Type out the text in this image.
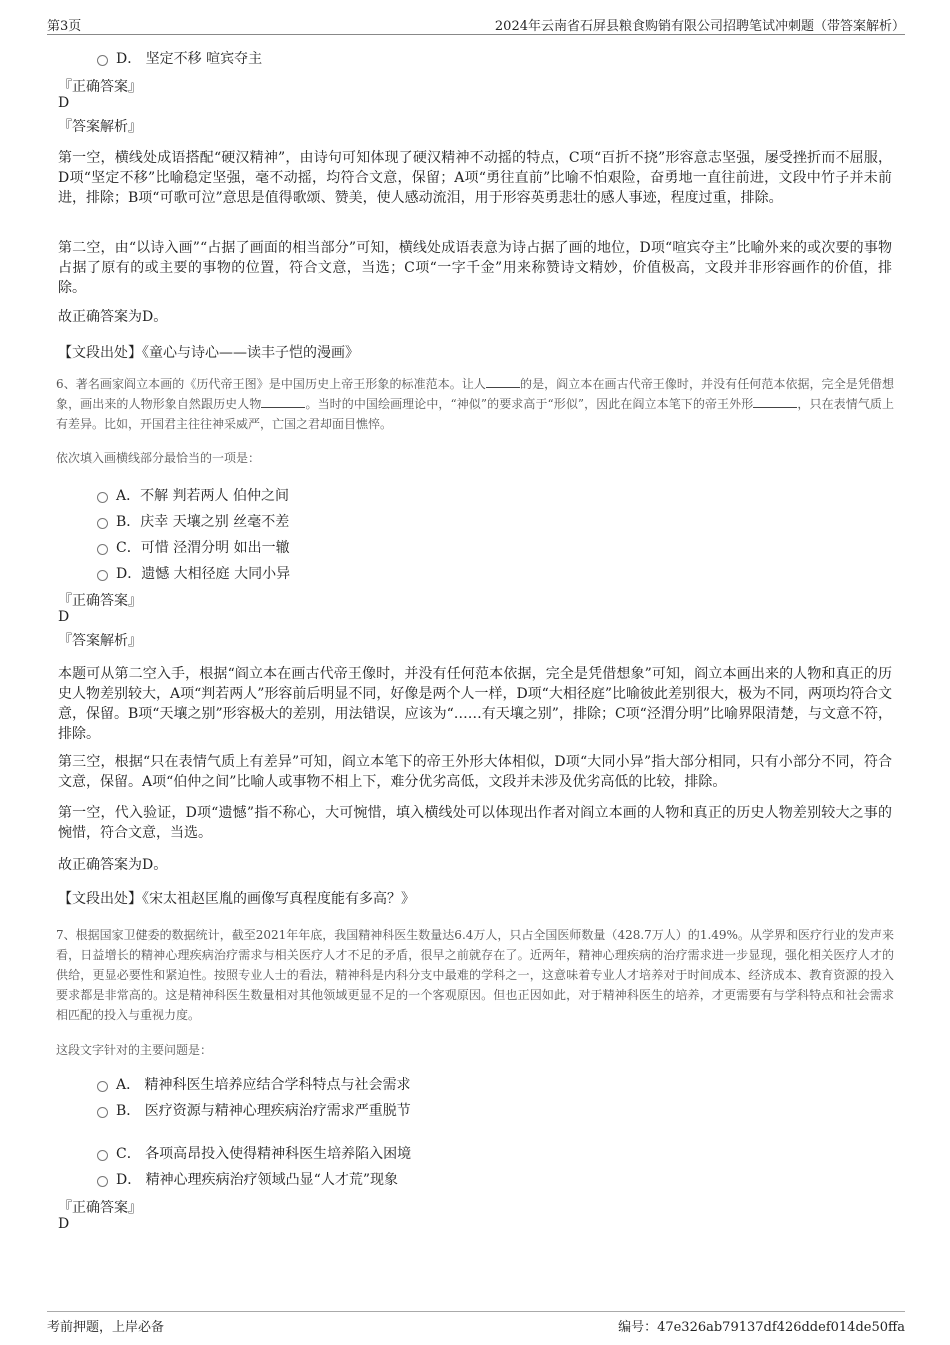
第3页	2024年云南省石屏县粮食购销有限公司招聘笔试冲刺题（带答案解析）
D． 坚定不移 喧宾夺主
『正确答案』
D
『答案解析』
第一空，横线处成语搭配“硬汉精神”，由诗句可知体现了硬汉精神不动摇的特点，C项“百折不挠”形容意志坚强，屡受挫折而不屈服，D项“坚定不移”比喻稳定坚强，毫不动摇，均符合文意，保留；A项“勇往直前”比喻不怕艰险，奋勇地一直往前进，文段中竹子并未前进，排除；B项“可歌可泣”意思是值得歌颂、赞美，使人感动流泪，用于形容英勇悲壮的感人事迹，程度过重，排除。
第二空，由“以诗入画”“占据了画面的相当部分”可知，横线处成语表意为诗占据了画的地位，D项“喧宾夺主”比喻外来的或次要的事物占据了原有的或主要的事物的位置，符合文意，当选；C项“一字千金”用来称赞诗文精妙，价值极高，文段并非形容画作的价值，排除。
故正确答案为D。
【文段出处】《童心与诗心——读丰子恺的漫画》
6、著名画家阎立本画的《历代帝王图》是中国历史上帝王形象的标准范本。让人	的是，阎立本在画古代帝王像时，并没有任何范本依据，完全是凭借想象，画出来的人物形象自然跟历史人物	。当时的中国绘画理论中，“神似”的要求高于“形似”，因此在阎立本笔下的帝王外形	，只在表情气质上有差异。比如，开国君主往往神采威严，亡国之君却面目憔悴。
依次填入画横线部分最恰当的一项是：
A．不解 判若两人 伯仲之间
B．庆幸 天壤之别 丝毫不差
C．可惜 泾渭分明 如出一辙
D．遗憾 大相径庭 大同小异
『正确答案』
D
『答案解析』
本题可从第二空入手，根据“阎立本在画古代帝王像时，并没有任何范本依据，完全是凭借想象”可知，阎立本画出来的人物和真正的历史人物差别较大，A项“判若两人”形容前后明显不同，好像是两个人一样，D项“大相径庭”比喻彼此差别很大，极为不同，两项均符合文意，保留。B项“天壤之别”形容极大的差别，用法错误，应该为“……有天壤之别”，排除；C项“泾渭分明”比喻界限清楚，与文意不符，排除。
第三空，根据“只在表情气质上有差异”可知，阎立本笔下的帝王外形大体相似，D项“大同小异”指大部分相同，只有小部分不同，符合文意，保留。A项“伯仲之间”比喻人或事物不相上下，难分优劣高低，文段并未涉及优劣高低的比较，排除。
第一空，代入验证，D项“遗憾”指不称心，大可惋惜，填入横线处可以体现出作者对阎立本画的人物和真正的历史人物差别较大之事的惋惜，符合文意，当选。
故正确答案为D。
【文段出处】《宋太祖赵匡胤的画像写真程度能有多高？》
7、根据国家卫健委的数据统计，截至2021年年底，我国精神科医生数量达6.4万人，只占全国医师数量（428.7万人）的1.49%。从学界和医疗行业的发声来看，日益增长的精神心理疾病治疗需求与相关医疗人才不足的矛盾，很早之前就存在了。近两年，精神心理疾病的治疗需求进一步显现，强化相关医疗人才的供给，更显必要性和紧迫性。按照专业人士的看法，精神科是内科分支中最难的学科之一，这意味着专业人才培养对于时间成本、经济成本、教育资源的投入要求都是非常高的。这是精神科医生数量相对其他领域更显不足的一个客观原因。但也正因如此，对于精神科医生的培养，才更需要有与学科特点和社会需求相匹配的投入与重视力度。
这段文字针对的主要问题是：
A． 精神科医生培养应结合学科特点与社会需求
B． 医疗资源与精神心理疾病治疗需求严重脱节
C． 各项高昂投入使得精神科医生培养陷入困境
D． 精神心理疾病治疗领域凸显“人才荒”现象
『正确答案』
D
考前押题，上岸必备	编号：47e326ab79137df426ddef014de50ffa
